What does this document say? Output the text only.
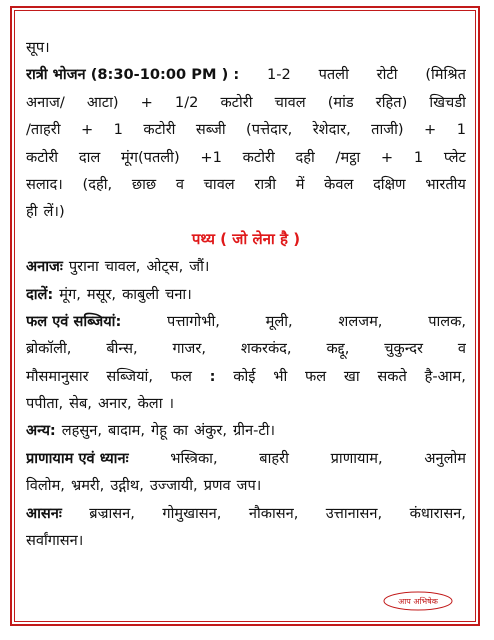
सूप।
रात्री भोजन (8:30-10:00 PM ) : 1-2 पतली रोटी (मिश्रित
अनाज/ आटा) + 1/2 कटोरी चावल (मांड रहित) खिचडी
/ताहरी + 1 कटोरी सब्जी (पत्तेदार, रेशेदार, ताजी) + 1
कटोरी दाल मूंग(पतली) +1 कटोरी दही /मट्ठा + 1 प्लेट
सलाद। (दही, छाछ व चावल रात्री में केवल दक्षिण भारतीय
ही लें।)
पथ्य ( जो लेना है )
अनाजः पुराना चावल, ओट्स, जौं।
दालें: मूंग, मसूर, काबुली चना।
फल एवं सब्जियां:	पत्तागोभी,	मूली,	शलजम,	पालक,
ब्रोकॉली, बीन्स, गाजर, शकरकंद, कद्दू, चुकुन्दर व
मौसमानुसार सब्जियां, फल : कोई भी फल खा सकते है-आम,
पपीता, सेब, अनार, केला ।
अन्य: लहसुन, बादाम, गेहू का अंकुर, ग्रीन-टी।
प्राणायाम एवं ध्यानः	भस्त्रिका,	बाहरी	प्राणायाम,	अनुलोम
विलोम, भ्रमरी, उद्गीथ, उज्जायी, प्रणव जप।
आसनः ब्रज्रासन, गोमुखासन, नौकासन, उत्तानासन, कंधारासन,
सर्वांगासन।
आप अभिषेक
